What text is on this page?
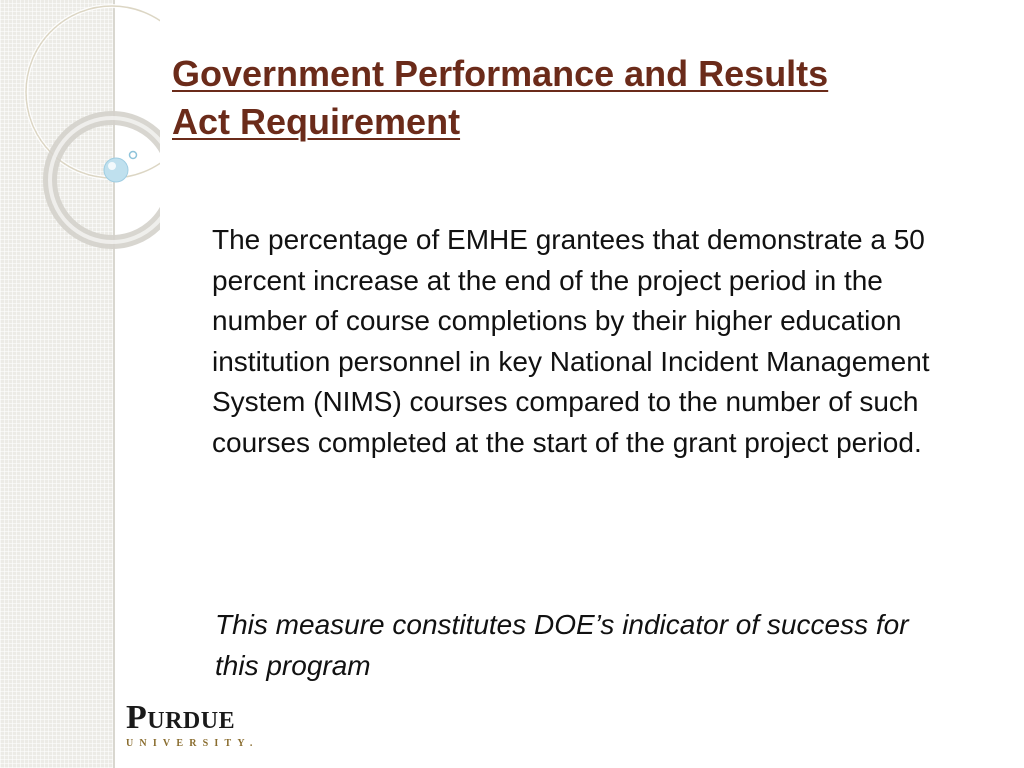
Government Performance and Results
Act Requirement

The percentage of EMHE grantees that demonstrate a 50 percent increase at the end of the project period in the number of course completions by their higher education institution personnel in key National Incident Management System (NIMS) courses compared to the number of such courses completed at the start of the grant project period.

This measure constitutes DOE’s indicator of success for this program

Purdue
UNIVERSITY.
